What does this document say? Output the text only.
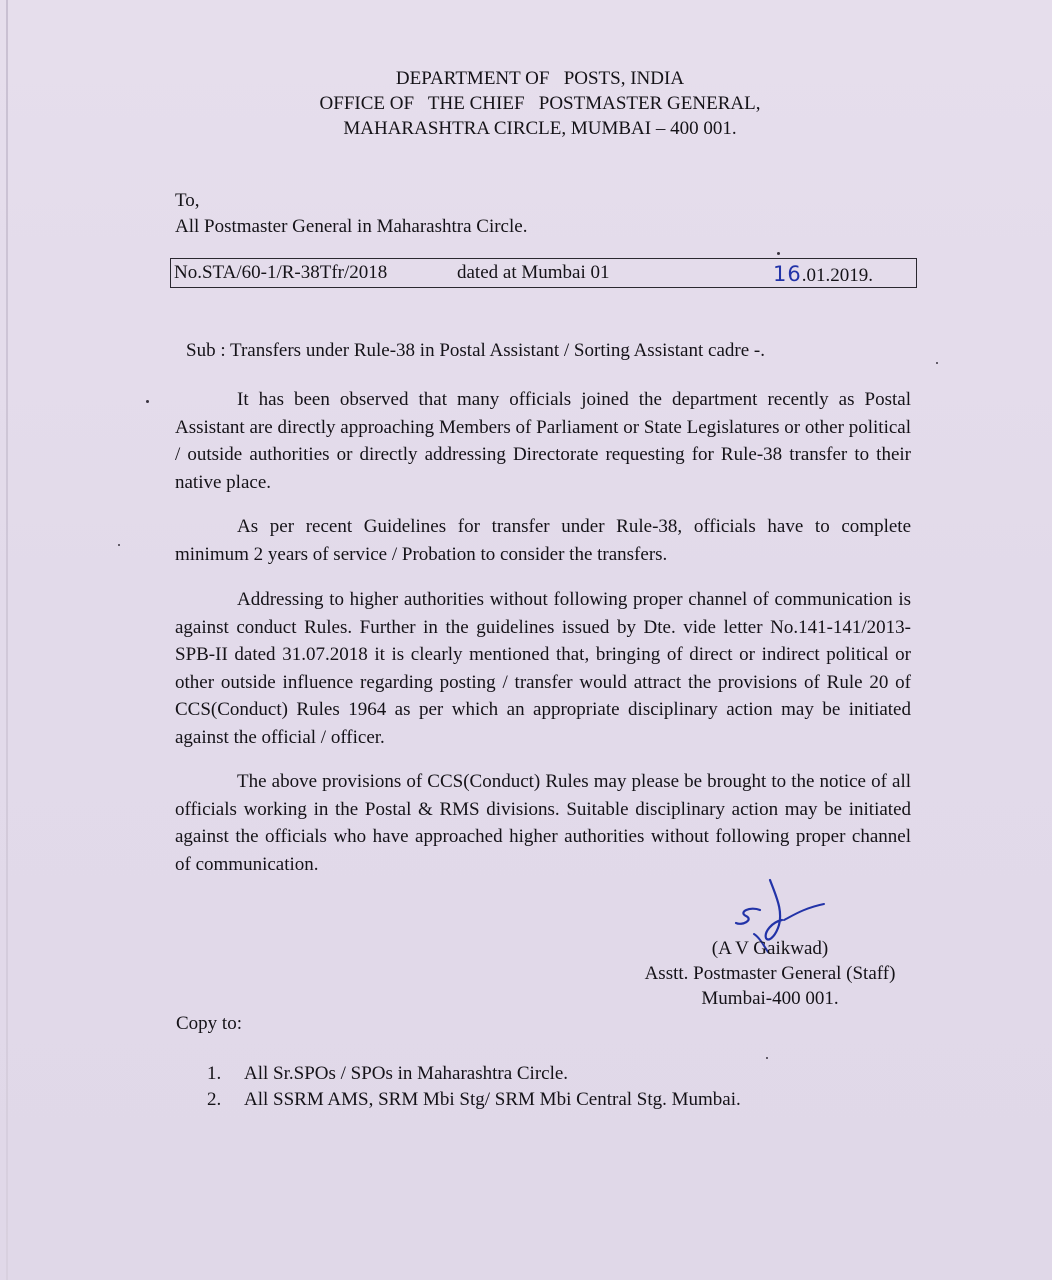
DEPARTMENT OF   POSTS, INDIA
OFFICE OF   THE CHIEF   POSTMASTER GENERAL,
MAHARASHTRA CIRCLE, MUMBAI – 400 001.
To,
All Postmaster General in Maharashtra Circle.
No.STA/60-1/R-38Tfr/2018	dated at Mumbai 01	16.01.2019.
Sub : Transfers under Rule-38 in Postal Assistant / Sorting Assistant cadre -.

It has been observed that many officials joined the department recently as Postal Assistant are directly approaching Members of Parliament or State Legislatures or other political / outside authorities or directly addressing Directorate requesting for Rule-38 transfer to their native place.

As per recent Guidelines for transfer under Rule-38, officials have to complete minimum 2 years of service / Probation to consider the transfers.

Addressing to higher authorities without following proper channel of communication is against conduct Rules. Further in the guidelines issued by Dte. vide letter No.141-141/2013-SPB-II dated 31.07.2018 it is clearly mentioned that, bringing of direct or indirect political or other outside influence regarding posting / transfer would attract the provisions of Rule 20 of CCS(Conduct) Rules 1964 as per which an appropriate disciplinary action may be initiated against the official / officer.

The above provisions of CCS(Conduct) Rules may please be brought to the notice of all officials working in the Postal & RMS divisions. Suitable disciplinary action may be initiated against the officials who have approached higher authorities without following proper channel of communication.

(A V Gaikwad)
Asstt. Postmaster General (Staff)
Mumbai-400 001.
Copy to:
1. All Sr.SPOs / SPOs in Maharashtra Circle.
2. All SSRM AMS, SRM Mbi Stg/ SRM Mbi Central Stg. Mumbai.
